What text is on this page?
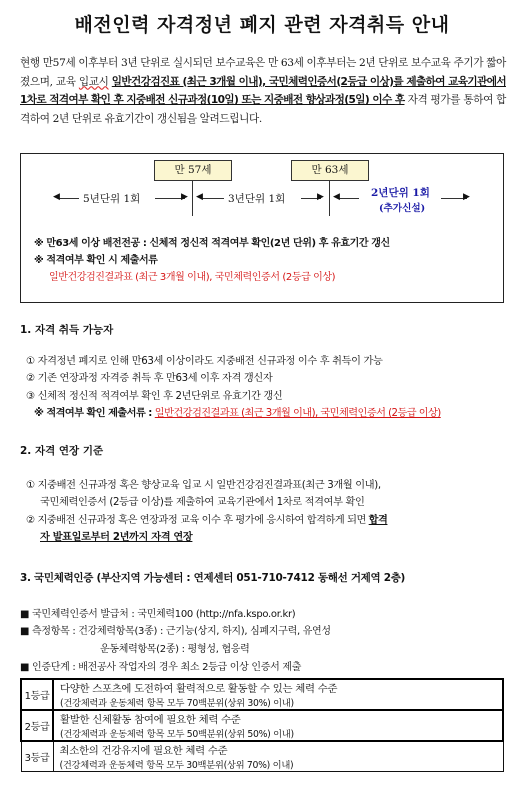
배전인력 자격정년 폐지 관련 자격취득 안내
현행 만57세 이후부터 3년 단위로 실시되던 보수교육은 만 63세 이후부터는 2년 단위로 보수교육 주기가 짧아졌으며, 교육 입교시 일반건강검진표 (최근 3개월 이내), 국민체력인증서(2등급 이상)를 제출하여 교육기관에서 1차로 적격여부 확인 후 지중배전 신규과정(10일) 또는 지중배전 향상과정(5일) 이수 후 자격 평가를 통하여 합격하여 2년 단위로 유효기간이 갱신됨을 알려드립니다.
만 57세	만 63세
◀ 5년단위 1회	▶ ◀ 3년단위 1회	▶ ◀	2년단위 1회
(추가신설)
▶
※ 만63세 이상 배전전공 : 신체적 정신적 적격여부 확인(2년 단위) 후 유효기간 갱신
※ 적격여부 확인 시 제출서류
일반건강검진결과표 (최근 3개월 이내), 국민체력인증서 (2등급 이상)
1. 자격 취득 가능자
① 자격정년 폐지로 인해 만63세 이상이라도 지중배전 신규과정 이수 후 취득이 가능
② 기존 연장과정 자격증 취득 후 만63세 이후 자격 갱신자
③ 신체적 정신적 적격여부 확인 후 2년단위로 유효기간 갱신
※ 적격여부 확인 제출서류 : 일반건강검진결과표 (최근 3개월 이내), 국민체력인증서 (2등급 이상)
2. 자격 연장 기준
① 지중배전 신규과정 혹은 향상교육 입교 시 일반건강검진결과표(최근 3개월 이내),
국민체력인증서 (2등급 이상)를 제출하여 교육기관에서 1차로 적격여부 확인
② 지중배전 신규과정 혹은 연장과정 교육 이수 후 평가에 응시하여 합격하게 되면 합격
자 발표일로부터 2년까지 자격 연장
3. 국민체력인증 (부산지역 가능센터 : 연제센터 051-710-7412 동해선 거제역 2층)
■ 국민체력인증서 발급처 : 국민체력100 (http://nfa.kspo.or.kr)
■ 측정항목 : 건강체력항목(3종) : 근기능(상지, 하지), 심폐지구력, 유연성
운동체력항목(2종) : 평형성, 협응력
■ 인증단계 : 배전공사 작업자의 경우 최소 2등급 이상 인증서 제출
1등급	다양한 스포츠에 도전하여 활력적으로 활동할 수 있는 체력 수준
(건강체력과 운동체력 항목 모두 70백분위(상위 30%) 이내)

2등급	활발한 신체활동 참여에 필요한 체력 수준
(건강체력과 운동체력 항목 모두 50백분위(상위 50%) 이내)

3등급	최소한의 건강유지에 필요한 체력 수준
(건강체력과 운동체력 항목 모두 30백분위(상위 70%) 이내)
